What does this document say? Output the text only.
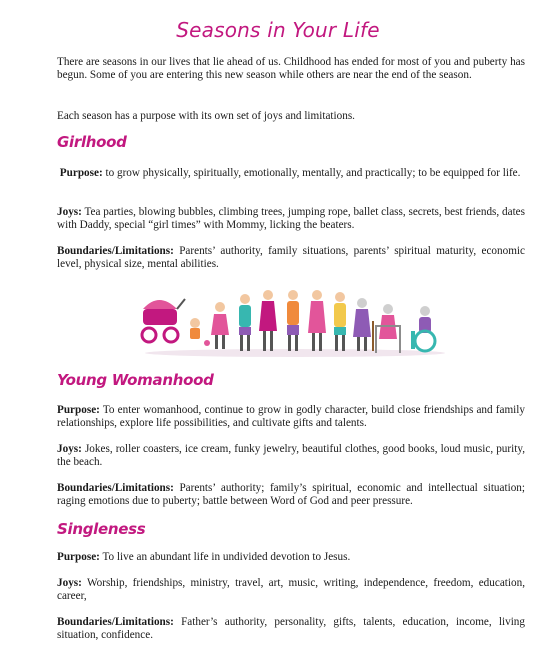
Seasons in Your Life

There are seasons in our lives that lie ahead of us. Childhood has ended for most of you and puberty has begun. Some of you are entering this new season while others are near the end of the season.

Each season has a purpose with its own set of joys and limitations.

Girlhood

Purpose: to grow physically, spiritually, emotionally, mentally, and practically; to be equipped for life.

Joys: Tea parties, blowing bubbles, climbing trees, jumping rope, ballet class, secrets, best friends, dates with Daddy, special “girl times” with Mommy, licking the beaters.

Boundaries/Limitations: Parents’ authority, family situations, parents’ spiritual maturity, economic level, physical size, mental abilities.

Young Womanhood

Purpose: To enter womanhood, continue to grow in godly character, build close friendships and family relationships, explore life possibilities, and cultivate gifts and talents.

Joys: Jokes, roller coasters, ice cream, funky jewelry, beautiful clothes, good books, loud music, purity, the beach.

Boundaries/Limitations: Parents’ authority; family’s spiritual, economic and intellectual situation; raging emotions due to puberty; battle between Word of God and peer pressure.

Singleness

Purpose: To live an abundant life in undivided devotion to Jesus.

Joys: Worship, friendships, ministry, travel, art, music, writing, independence, freedom, education, career,

Boundaries/Limitations: Father’s authority, personality, gifts, talents, education, income, living situation, confidence.
